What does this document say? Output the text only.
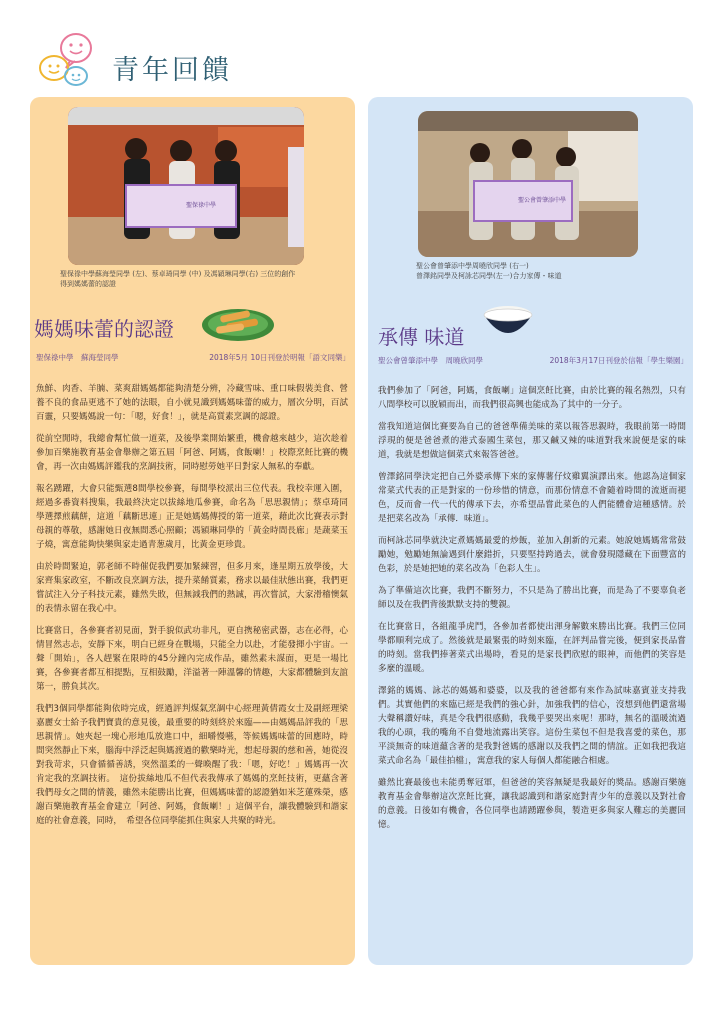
青年回饋
聖保祿中學
聖保祿中學蘇海瑩同學 (左)、蔡卓琦同學 (中) 及馮穎琳同學(右) 三位的創作得到媽媽蕾的認證
媽媽味蕾的認證
聖保祿中學　蘇海瑩同學	2018年5月 10日刊登於明報「語文同樂」

魚鮮、肉香、羊腩、菜爽甜媽媽都能夠清楚分辨，冷藏雪味、重口味假裝美食、營養不良的食品更逃不了她的法眼，自小就見識到媽媽味蕾的威力，層次分明，百試百靈，只要媽媽說一句：「嗯，好食！」，就是高質素烹調的認證。

從前空閒時，我總會幫忙做一道菜，及後學業開始繁重，機會越來越少，這次趁着參加百樂施教育基金會舉辦之第五屆「阿爸、阿媽，食飯喇！」校際烹飪比賽的機會，再一次由媽媽評鑑我的烹調技術，同時慰勞她平日對家人無私的奉獻。

報名踴躍，大會只能甄選8間學校參賽，每間學校派出三位代表。我校幸運入圍，經過多番資料搜集，我最終決定以拔絲地瓜參賽，命名為「思思親情」；蔡卓琦同學選擇煎藕餅，這道「藕斷思連」正是她媽媽傳授的第一道菜，藉此次比賽表示對母親的尊敬，感謝她日夜無間悉心照顧；馮穎琳同學的「黃金時間長廊」是蔬菜玉子燒，寓意能夠快樂與家走過青葱歲月，比黃金更珍貴。

由於時間緊迫，郭老師不時催促我們要加緊練習，但多月來，逢星期五放學後，大家齊集家政室，不斷改良烹調方法，提升菜餚質素，務求以最佳狀態出賽，我們更嘗試注入分子科技元素，雖然失敗，但無減我們的熱誠，再次嘗試，大家滑稽懊氣的表情永留在我心中。

比賽當日，各參賽者初見面，對手貌似武功非凡，更自携秘密武器，志在必得，心情冒然志忐，安靜下來，明白已經身在戰場，只能全力以赴，才能發揮小宇宙。一聲「開始」，各人趕緊在限時的45分鐘內完成作品，雖然素未謀面，更是一場比賽，各參賽者都互相提點，互相鼓勵，洋溢著一陣溫馨的情趣，大家都體驗到友誼第一，勝負其次。

我們3個同學都能夠依時完成，經過評判煤氣烹調中心經理黃倩霞女士及副經理梁嘉麗女士給予我們寶貴的意見後，最重要的時刻終於來臨——由媽媽品評我的「思思親情」。她夾起一塊心形地瓜放進口中，細嚼慢嚥，等候媽媽味蕾的回應時，時間突然靜止下來，腦海中浮泛起與媽渡過的歡樂時光，想起母親的慈和善，她從沒對我苛求，只會循循善誘，突然溫柔的一聲喚醒了我：「嗯，好吃！」媽媽再一次肯定我的烹調技術。　這份拔絲地瓜不但代表我傳承了媽媽的烹飪技術，更蘊含著我們母女之間的情義，雖然未能勝出比賽，但媽媽味蕾的認證猶如米芝蓮殊榮，感謝百樂施教育基金會建立「阿爸、阿媽，食飯喇！」這個平台，讓我體驗到和諧家庭的社會意義，同時，　希望各位同學能抓住與家人共聚的時光。

聖公會曾肇添中學
聖公會曾肇添中學周曉欣同學 (右一)
曾澤銘同學及柯詠芯同學(左一)合力家傳・味道
承傳 味道
聖公會曾肇添中學　周曉欣同學	2018年3月17日刊登於信報「學生樂園」

我們參加了「阿爸，阿媽，食飯喇」這個烹飪比賽，由於比賽的報名熱烈，只有八間學校可以脫穎而出，而我們很高興也能成為了其中的一分子。

當我知道這個比賽要為自己的爸爸準備美味的菜以報答思親時，我眼前第一時間浮現的便是爸爸煮的港式泰國生菜包，那又鹹又辣的味道對我來說便是家的味道，我就是想做這個菜式來報答爸爸。

曾澤銘同學決定把自己外婆承傳下來的家傳薯仔炆雞翼演譯出來。他認為這個家常菜式代表的正是對家的一份珍惜的情意，而那份情意不會隨着時間的流逝而褪色，反而會一代一代的傳承下去，亦希望品嘗此菜色的人們能體會這種感情。於是把菜名改為「承傳．味道」。

而柯詠芯同學就決定煮媽媽最愛的炒飯，並加入創新的元素。她說她媽媽常常鼓勵她，勉勵她無論遇到什麼錯折，只要堅持跨過去，就會發現隱藏在下面豐富的色彩，於是她把她的菜名改為「色彩人生」。

為了準備這次比賽，我們不斷努力，不只是為了勝出比賽，而是為了不要辜負老師以及在我們背後默默支持的雙親。

在比賽當日，各組龍爭虎鬥，各參加者都使出渾身解數來勝出比賽。我們三位同學都順利完成了。然後就是最緊張的時刻來臨，在評判品嘗完後，便到家長品嘗的時刻。當我們捧著菜式出場時，看見的是家長們欣慰的眼神，而他們的笑容是多麼的溫暖。

澤銘的媽媽、詠芯的媽媽和婆婆，以及我的爸爸都有來作為試味嘉賓並支持我們。其實他們的來臨已經是我們的強心針，加強我們的信心，沒想到他們還當場大聲稱讚好味，真是令我們很感動，我幾乎要哭出來呢！那時，無名的溫暖流過我的心頭，我的嘴角不自覺地流露出笑容。這份生菜包不但是我喜愛的菜色，那平淡無奇的味道蘊含著的是我對爸媽的感謝以及我們之間的情誼。正如我把我這菜式命名為「最佳拍檔」，寓意我的家人每個人都能融合相處。

雖然比賽最後也未能勇奪冠軍，但爸爸的笑容無疑是我最好的獎品。感謝百樂施教育基金會舉辦這次烹飪比賽，讓我認識到和諧家庭對青少年的意義以及對社會的意義。日後如有機會，各位同學也請踴躍參與，製造更多與家人難忘的美麗回憶。
